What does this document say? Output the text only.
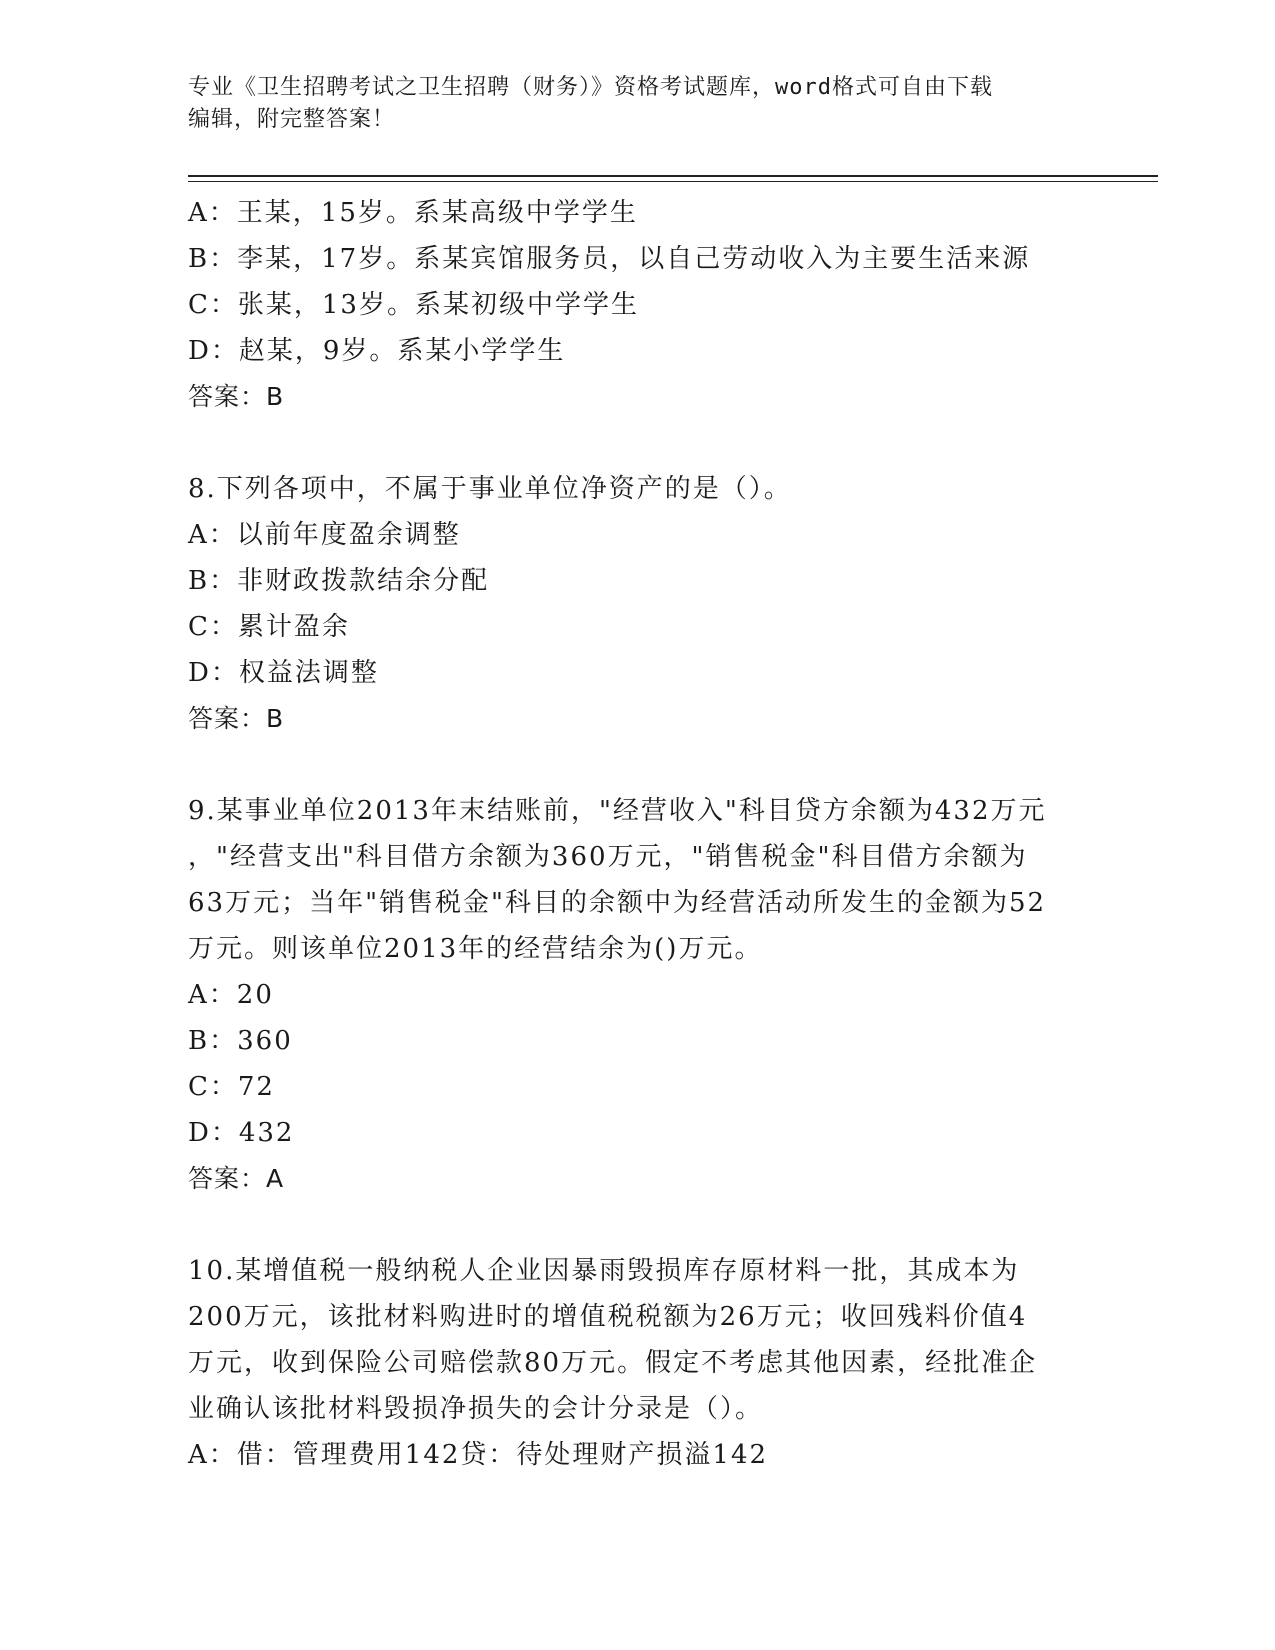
专业《卫生招聘考试之卫生招聘（财务）》资格考试题库，word格式可自由下载
编辑，附完整答案！
A：王某，15岁。系某高级中学学生
B：李某，17岁。系某宾馆服务员，以自己劳动收入为主要生活来源
C：张某，13岁。系某初级中学学生
D：赵某，9岁。系某小学学生
答案：B
8.下列各项中，不属于事业单位净资产的是（）。
A：以前年度盈余调整
B：非财政拨款结余分配
C：累计盈余
D：权益法调整
答案：B
9.某事业单位2013年末结账前，"经营收入"科目贷方余额为432万元
，"经营支出"科目借方余额为360万元，"销售税金"科目借方余额为
63万元；当年"销售税金"科目的余额中为经营活动所发生的金额为52
万元。则该单位2013年的经营结余为()万元。
A：20
B：360
C：72
D：432
答案：A
10.某增值税一般纳税人企业因暴雨毁损库存原材料一批，其成本为
200万元，该批材料购进时的增值税税额为26万元；收回残料价值4
万元，收到保险公司赔偿款80万元。假定不考虑其他因素，经批准企
业确认该批材料毁损净损失的会计分录是（）。
A：借：管理费用142贷：待处理财产损溢142
